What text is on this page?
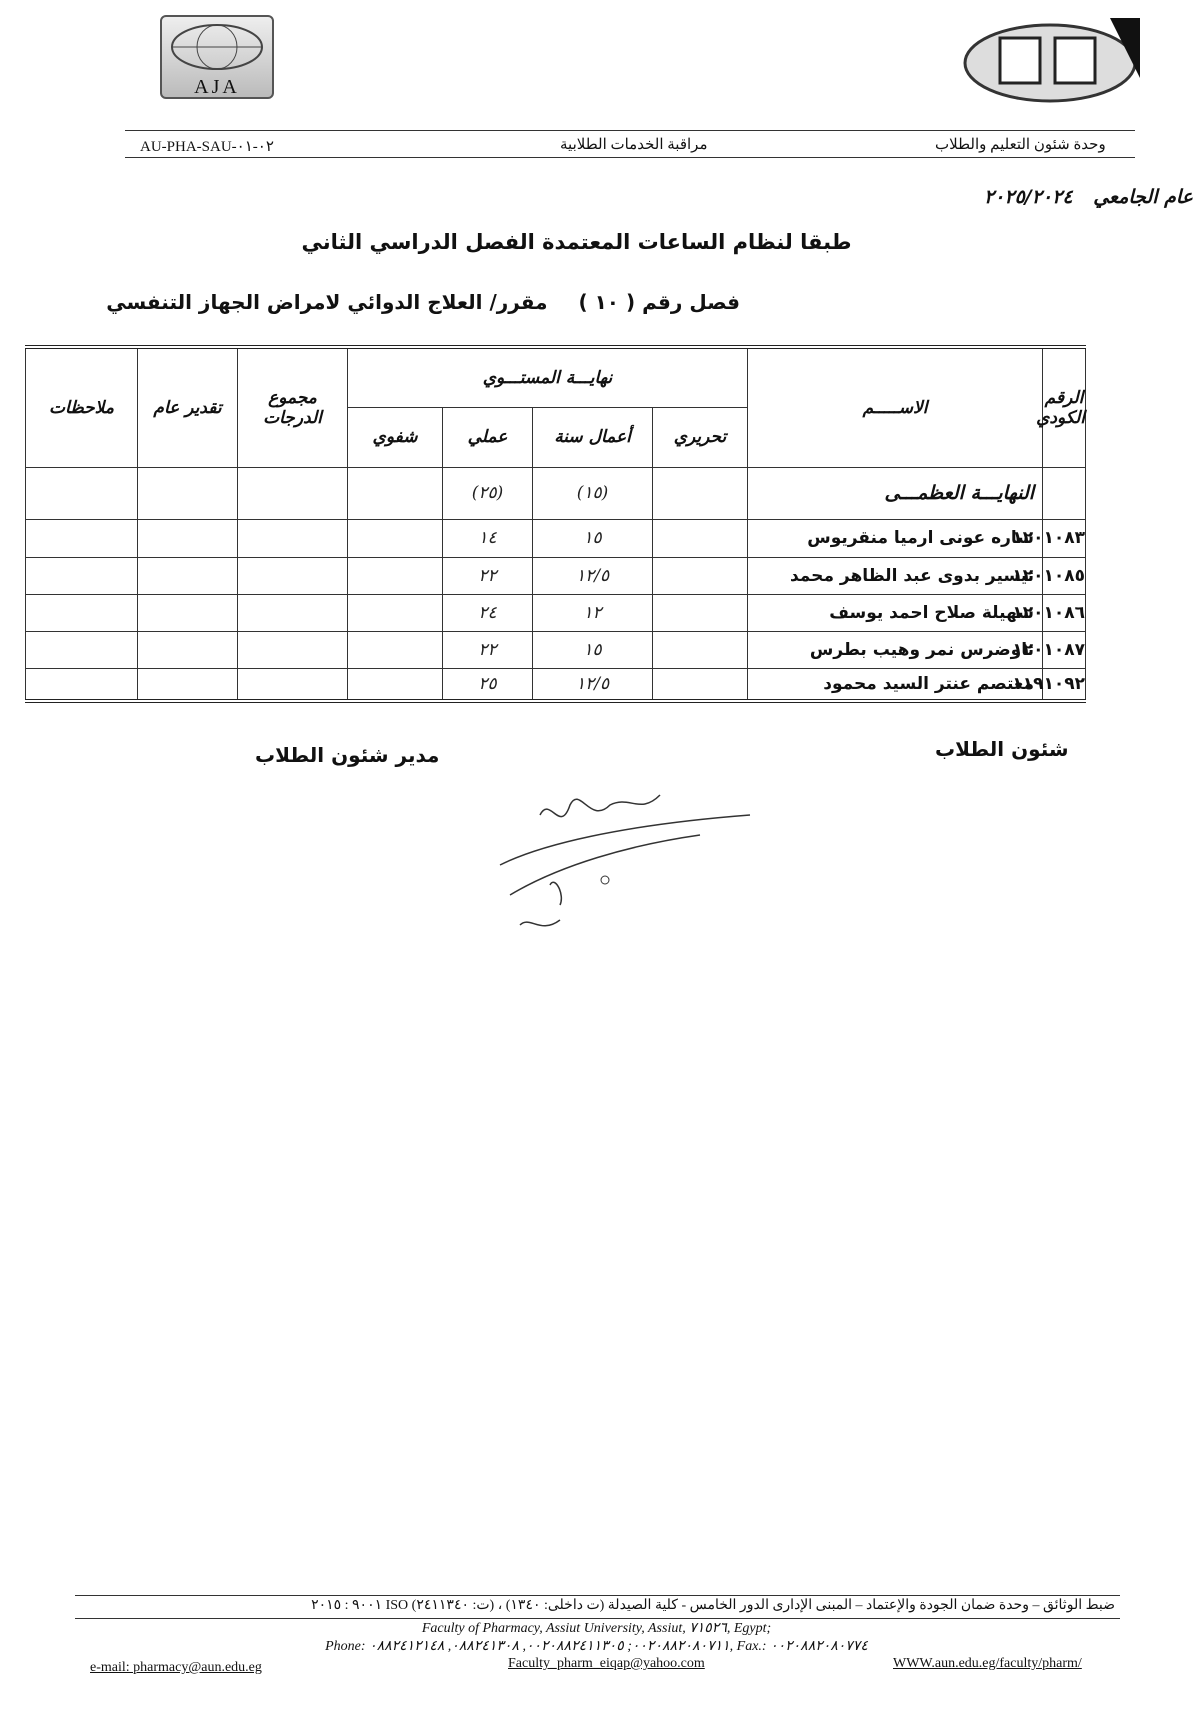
AJA
AU-PHA-SAU-٠٢-٠١	مراقبة الخدمات الطلابية	وحدة شئون التعليم والطلاب
عام الجامعي ٢٠٢٥/٢٠٢٤
طبقا لنظام الساعات المعتمدة الفصل الدراسي الثاني
فصل رقم ( ١٠ ) مقرر/ العلاج الدوائي لامراض الجهاز التنفسي
الرقم الكودي	الاســـــم	نهايـــة المستـــوي				مجموع الدرجات	تقدير عام	ملاحظات
		تحريري	أعمال سنة	عملي	شفوي			
	النهايـــة العظمـــى		(١٥)	(٢٥)				
١٢٠١٠٨٣	ساره عونى ارميا منقريوس		١٥	١٤				
١٢٠١٠٨٥	تيسير بدوى عبد الظاهر محمد		١٢/٥	٢٢				
١٢٠١٠٨٦	سهيلة صلاح احمد يوسف		١٢	٢٤				
١٢٠١٠٨٧	تاوضرس نمر وهيب بطرس		١٥	٢٢				
١١٩١٠٩٢	معتصم عنتر السيد محمود		١٢/٥	٢٥				
مدير شئون الطلاب	شئون الطلاب
ضبط الوثائق – وحدة ضمان الجودة والإعتماد – المبنى الإدارى الدور الخامس - كلية الصيدلة (ت داخلى: ١٣٤٠) ، (ت: ٢٤١١٣٤٠) ISO ٩٠٠١ : ٢٠١٥
Faculty of Pharmacy, Assiut University, Assiut, ٧١٥٢٦, Egypt;
Phone: ٠٠٢٠٨٨٢٠٨٠٧١١; ٠٠٢٠٨٨٢٤١١٣٠٥, ٠٨٨٢٤١٣٠٨, ٠٨٨٢٤١٢١٤٨, Fax.: ٠٠٢٠٨٨٢٠٨٠٧٧٤
e-mail: pharmacy@aun.edu.eg	Faculty_pharm_eiqap@yahoo.com	WWW.aun.edu.eg/faculty/pharm/
